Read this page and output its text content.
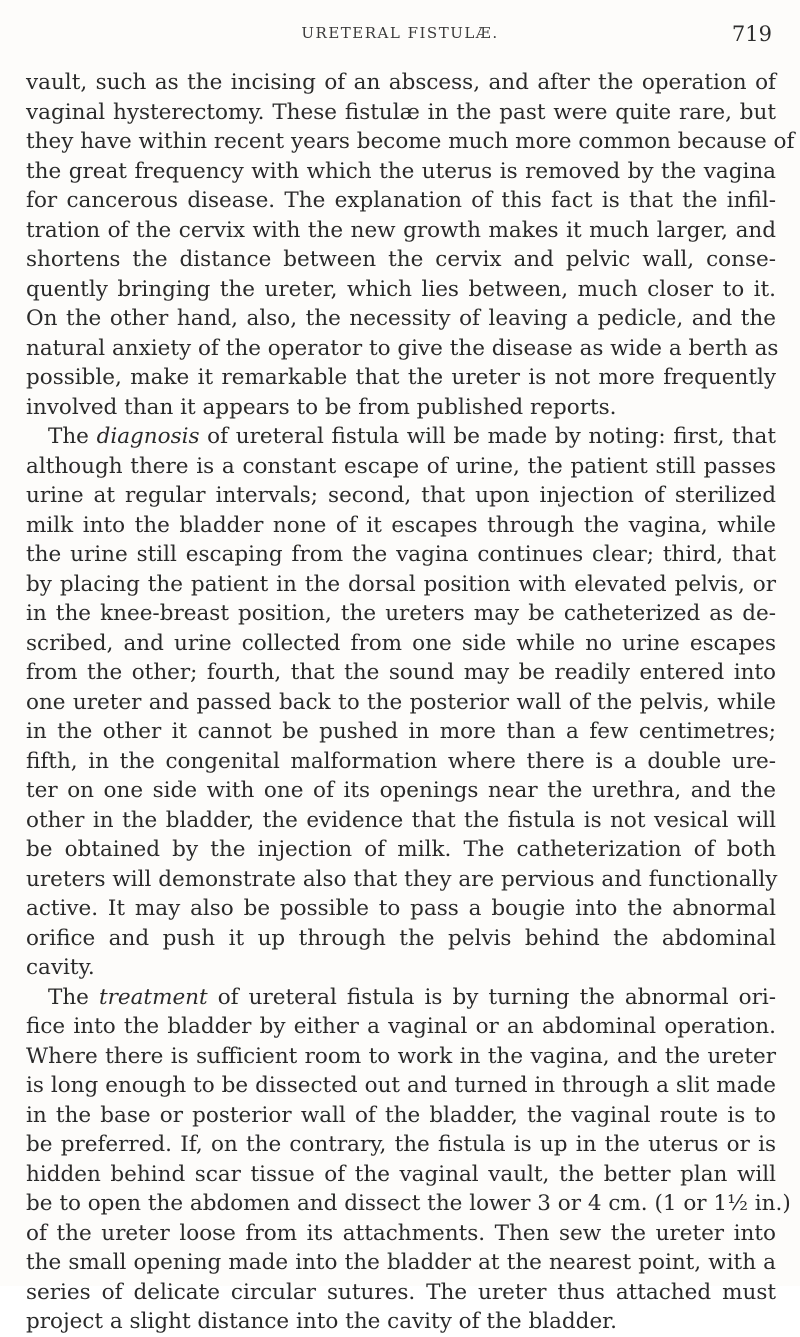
URETERAL FISTULÆ.	719
vault, such as the incising of an abscess, and after the operation of
vaginal hysterectomy. These fistulæ in the past were quite rare, but
they have within recent years become much more common because of
the great frequency with which the uterus is removed by the vagina
for cancerous disease. The explanation of this fact is that the infil-
tration of the cervix with the new growth makes it much larger, and
shortens the distance between the cervix and pelvic wall, conse-
quently bringing the ureter, which lies between, much closer to it.
On the other hand, also, the necessity of leaving a pedicle, and the
natural anxiety of the operator to give the disease as wide a berth as
possible, make it remarkable that the ureter is not more frequently
involved than it appears to be from published reports.
The diagnosis of ureteral fistula will be made by noting: first, that
although there is a constant escape of urine, the patient still passes
urine at regular intervals; second, that upon injection of sterilized
milk into the bladder none of it escapes through the vagina, while
the urine still escaping from the vagina continues clear; third, that
by placing the patient in the dorsal position with elevated pelvis, or
in the knee-breast position, the ureters may be catheterized as de-
scribed, and urine collected from one side while no urine escapes
from the other; fourth, that the sound may be readily entered into
one ureter and passed back to the posterior wall of the pelvis, while
in the other it cannot be pushed in more than a few centimetres;
fifth, in the congenital malformation where there is a double ure-
ter on one side with one of its openings near the urethra, and the
other in the bladder, the evidence that the fistula is not vesical will
be obtained by the injection of milk. The catheterization of both
ureters will demonstrate also that they are pervious and functionally
active. It may also be possible to pass a bougie into the abnormal
orifice and push it up through the pelvis behind the abdominal
cavity.
The treatment of ureteral fistula is by turning the abnormal ori-
fice into the bladder by either a vaginal or an abdominal operation.
Where there is sufficient room to work in the vagina, and the ureter
is long enough to be dissected out and turned in through a slit made
in the base or posterior wall of the bladder, the vaginal route is to
be preferred. If, on the contrary, the fistula is up in the uterus or is
hidden behind scar tissue of the vaginal vault, the better plan will
be to open the abdomen and dissect the lower 3 or 4 cm. (1 or 1½ in.)
of the ureter loose from its attachments. Then sew the ureter into
the small opening made into the bladder at the nearest point, with a
series of delicate circular sutures. The ureter thus attached must
project a slight distance into the cavity of the bladder.
